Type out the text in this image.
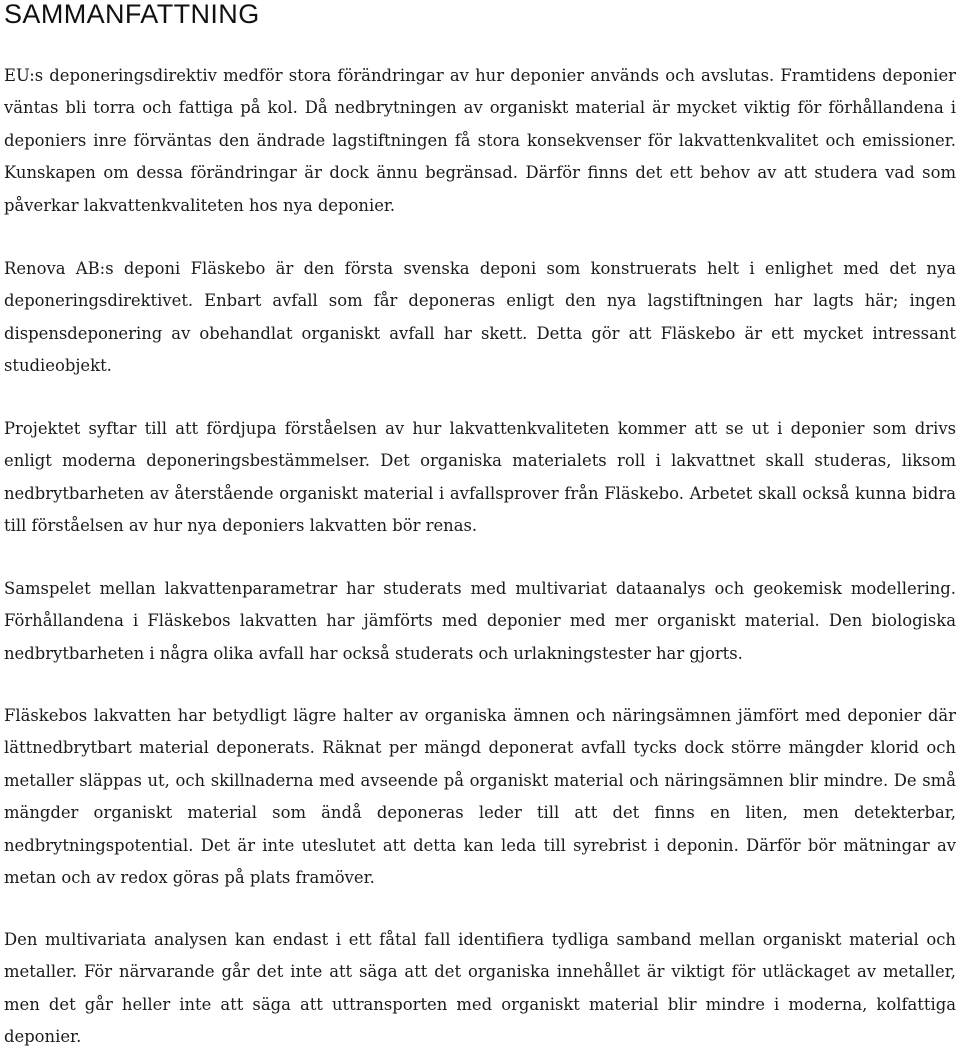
SAMMANFATTNING

EU:s deponeringsdirektiv medför stora förändringar av hur deponier används och avslutas. Framtidens deponier väntas bli torra och fattiga på kol. Då nedbrytningen av organiskt material är mycket viktig för förhållandena i deponiers inre förväntas den ändrade lagstiftningen få stora konsekvenser för lakvattenkvalitet och emissioner. Kunskapen om dessa förändringar är dock ännu begränsad. Därför finns det ett behov av att studera vad som påverkar lakvattenkvaliteten hos nya deponier.

Renova AB:s deponi Fläskebo är den första svenska deponi som konstruerats helt i enlighet med det nya deponeringsdirektivet. Enbart avfall som får deponeras enligt den nya lagstiftningen har lagts här; ingen dispensdeponering av obehandlat organiskt avfall har skett. Detta gör att Fläskebo är ett mycket intressant studieobjekt.

Projektet syftar till att fördjupa förståelsen av hur lakvattenkvaliteten kommer att se ut i deponier som drivs enligt moderna deponeringsbestämmelser. Det organiska materialets roll i lakvattnet skall studeras, liksom nedbrytbarheten av återstående organiskt material i avfallsprover från Fläskebo. Arbetet skall också kunna bidra till förståelsen av hur nya deponiers lakvatten bör renas.

Samspelet mellan lakvattenparametrar har studerats med multivariat dataanalys och geokemisk modellering. Förhållandena i Fläskebos lakvatten har jämförts med deponier med mer organiskt material. Den biologiska nedbrytbarheten i några olika avfall har också studerats och urlakningstester har gjorts.

Fläskebos lakvatten har betydligt lägre halter av organiska ämnen och näringsämnen jämfört med deponier där lättnedbrytbart material deponerats. Räknat per mängd deponerat avfall tycks dock större mängder klorid och metaller släppas ut, och skillnaderna med avseende på organiskt material och näringsämnen blir mindre. De små mängder organiskt material som ändå deponeras leder till att det finns en liten, men detekterbar, nedbrytningspotential. Det är inte uteslutet att detta kan leda till syrebrist i deponin. Därför bör mätningar av metan och av redox göras på plats framöver.

Den multivariata analysen kan endast i ett fåtal fall identifiera tydliga samband mellan organiskt material och metaller. För närvarande går det inte att säga att det organiska innehållet är viktigt för utläckaget av metaller, men det går heller inte att säga att uttransporten med organiskt material blir mindre i moderna, kolfattiga deponier.
